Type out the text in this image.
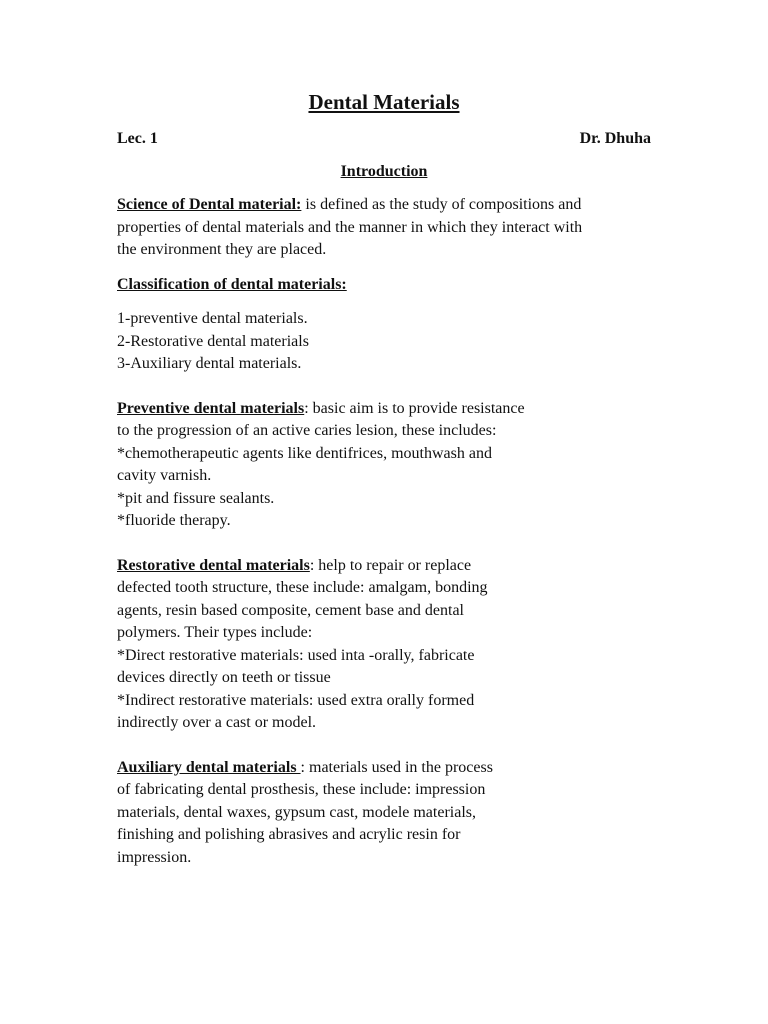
Dental Materials
Lec. 1	Dr. Dhuha
Introduction

Science of Dental material: is defined as the study of compositions and
properties of dental materials and the manner in which they interact with
the environment they are placed.

Classification of dental materials:

1-preventive dental materials.
2-Restorative dental materials
3-Auxiliary dental materials.

Preventive dental materials: basic aim is to provide resistance
to the progression of an active caries lesion, these includes:
*chemotherapeutic agents like dentifrices, mouthwash and
cavity varnish.
*pit and fissure sealants.
*fluoride therapy.

Restorative dental materials: help to repair or replace
defected tooth structure, these include: amalgam, bonding
agents, resin based composite, cement base and dental
polymers. Their types include:
*Direct restorative materials: used inta -orally, fabricate
devices directly on teeth or tissue
*Indirect restorative materials: used extra orally formed
indirectly over a cast or model.

Auxiliary dental materials : materials used in the process
of fabricating dental prosthesis, these include: impression
materials, dental waxes, gypsum cast, modele materials,
finishing and polishing abrasives and acrylic resin for
impression.
